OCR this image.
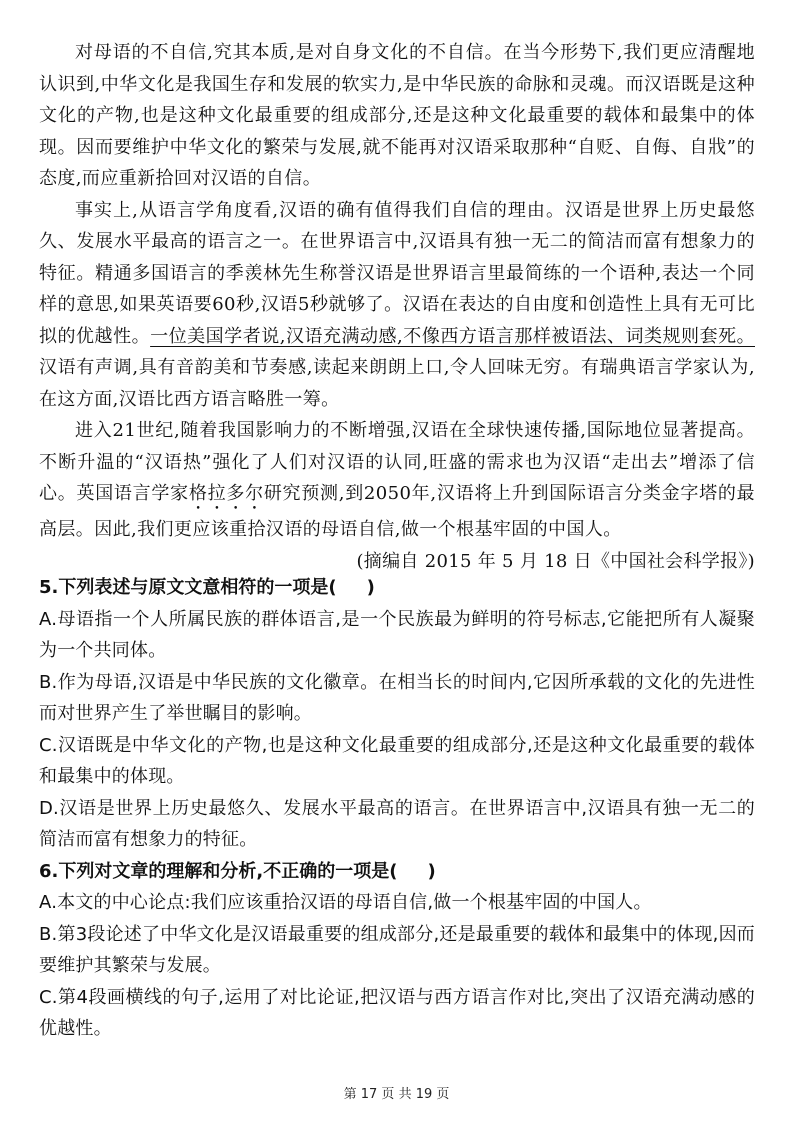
对母语的不自信,究其本质,是对自身文化的不自信。在当今形势下,我们更应清醒地认识到,中华文化是我国生存和发展的软实力,是中华民族的命脉和灵魂。而汉语既是这种文化的产物,也是这种文化最重要的组成部分,还是这种文化最重要的载体和最集中的体现。因而要维护中华文化的繁荣与发展,就不能再对汉语采取那种“自贬、自侮、自戕”的态度,而应重新拾回对汉语的自信。

事实上,从语言学角度看,汉语的确有值得我们自信的理由。汉语是世界上历史最悠久、发展水平最高的语言之一。在世界语言中,汉语具有独一无二的简洁而富有想象力的特征。精通多国语言的季羡林先生称誉汉语是世界语言里最简练的一个语种,表达一个同样的意思,如果英语要60秒,汉语5秒就够了。汉语在表达的自由度和创造性上具有无可比拟的优越性。一位美国学者说,汉语充满动感,不像西方语言那样被语法、词类规则套死。汉语有声调,具有音韵美和节奏感,读起来朗朗上口,令人回味无穷。有瑞典语言学家认为,在这方面,汉语比西方语言略胜一筹。

进入21世纪,随着我国影响力的不断增强,汉语在全球快速传播,国际地位显著提高。不断升温的“汉语热”强化了人们对汉语的认同,旺盛的需求也为汉语“走出去”增添了信心。英国语言学家格拉多尔研究预测,到2050年,汉语将上升到国际语言分类金字塔的最高层。因此,我们更应该重拾汉语的母语自信,做一个根基牢固的中国人。

(摘编自 2015 年 5 月 18 日《中国社会科学报》)

5.下列表述与原文文意相符的一项是( )

A.母语指一个人所属民族的群体语言,是一个民族最为鲜明的符号标志,它能把所有人凝聚为一个共同体。

B.作为母语,汉语是中华民族的文化徽章。在相当长的时间内,它因所承载的文化的先进性而对世界产生了举世瞩目的影响。

C.汉语既是中华文化的产物,也是这种文化最重要的组成部分,还是这种文化最重要的载体和最集中的体现。

D.汉语是世界上历史最悠久、发展水平最高的语言。在世界语言中,汉语具有独一无二的简洁而富有想象力的特征。

6.下列对文章的理解和分析,不正确的一项是( )

A.本文的中心论点:我们应该重拾汉语的母语自信,做一个根基牢固的中国人。

B.第3段论述了中华文化是汉语最重要的组成部分,还是最重要的载体和最集中的体现,因而要维护其繁荣与发展。

C.第4段画横线的句子,运用了对比论证,把汉语与西方语言作对比,突出了汉语充满动感的优越性。

第 17 页 共 19 页
